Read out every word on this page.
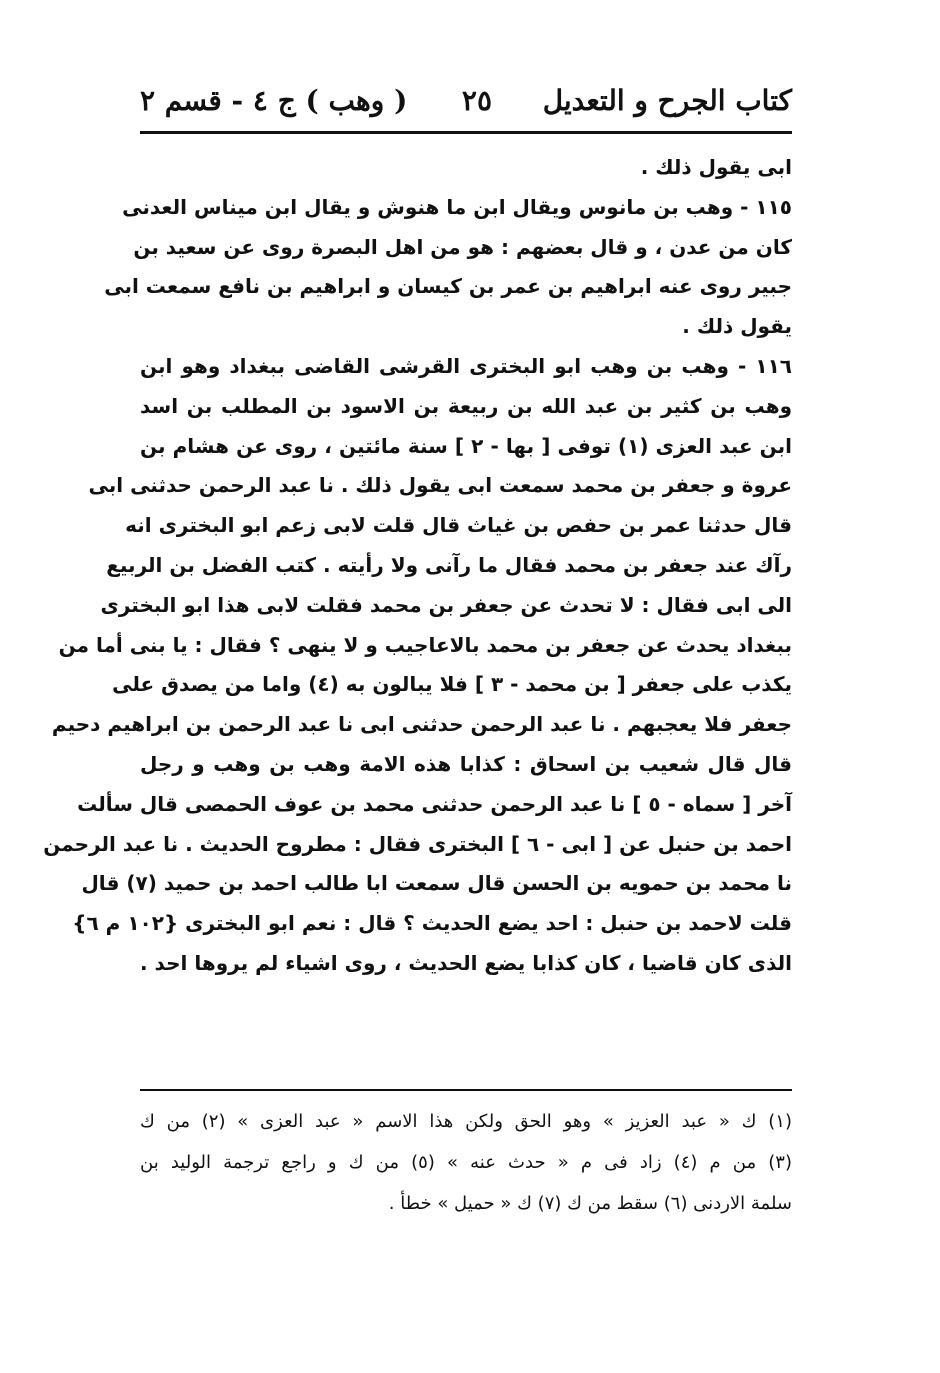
كتاب الجرح و التعديل
٢٥
( وهب ) ج ٤ - قسم ٢
ابى يقول ذلك .
١١٥ - وهب بن مانوس ويقال ابن ما هنوش و يقال ابن ميناس العدنى
كان من عدن ، و قال بعضهم : هو من اهل البصرة روى عن سعيد بن
جبير روى عنه ابراهيم بن عمر بن كيسان و ابراهيم بن نافع سمعت ابى
يقول ذلك .
١١٦ - وهب بن وهب ابو البخترى القرشى القاضى ببغداد وهو ابن
وهب بن كثير بن عبد الله بن ربيعة بن الاسود بن المطلب بن اسد
ابن عبد العزى (١) توفى [ بها - ٢ ] سنة مائتين ، روى عن هشام بن
عروة و جعفر بن محمد سمعت ابى يقول ذلك . نا عبد الرحمن حدثنى ابى
قال حدثنا عمر بن حفص بن غياث قال قلت لابى زعم ابو البخترى انه
رآك عند جعفر بن محمد فقال ما رآنى ولا رأيته . كتب الفضل بن الربيع
الى ابى فقال : لا تحدث عن جعفر بن محمد فقلت لابى هذا ابو البخترى
ببغداد يحدث عن جعفر بن محمد بالاعاجيب و لا ينهى ؟ فقال : يا بنى أما من
يكذب على جعفر [ بن محمد - ٣ ] فلا يبالون به (٤) واما من يصدق على
جعفر فلا يعجبهم . نا عبد الرحمن حدثنى ابى نا عبد الرحمن بن ابراهيم دحيم
قال قال شعيب بن اسحاق : كذابا هذه الامة وهب بن وهب و رجل
آخر [ سماه - ٥ ] نا عبد الرحمن حدثنى محمد بن عوف الحمصى قال سألت
احمد بن حنبل عن [ ابى - ٦ ] البخترى فقال : مطروح الحديث . نا عبد الرحمن
نا محمد بن حمويه بن الحسن قال سمعت ابا طالب احمد بن حميد (٧) قال
قلت لاحمد بن حنبل : احد يضع الحديث ؟ قال : نعم ابو البخترى {١٠٢ م ٦}
الذى كان قاضيا ، كان كذابا يضع الحديث ، روى اشياء لم يروها احد .
(١) ك « عبد العزيز » وهو الحق ولكن هذا الاسم « عبد العزى » (٢) من ك
(٣) من م (٤) زاد فى م « حدث عنه » (٥) من ك و راجع ترجمة الوليد بن
سلمة الاردنى (٦) سقط من ك (٧) ك « حميل » خطأ .
